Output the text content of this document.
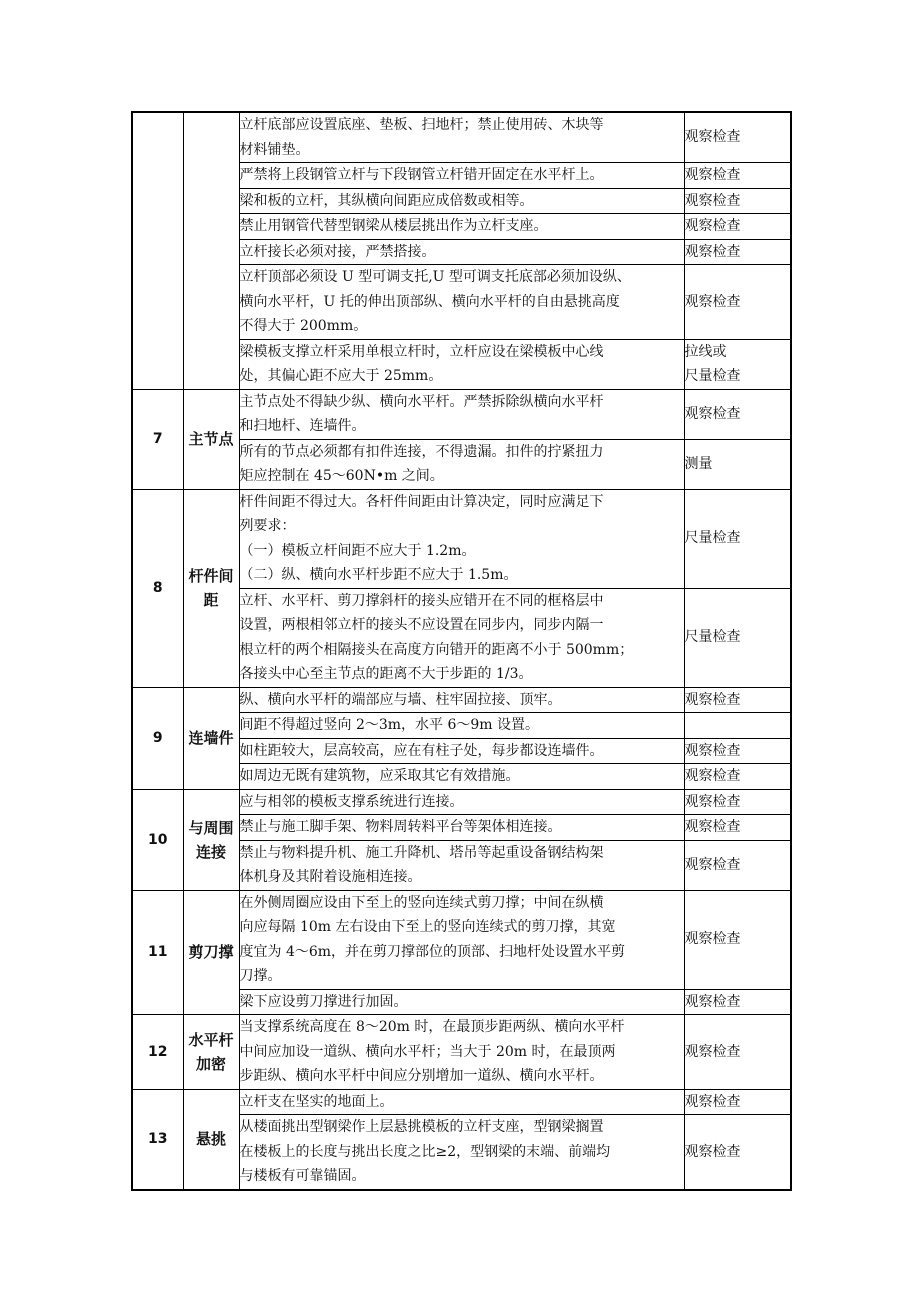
		立杆底部应设置底座、垫板、扫地杆；禁止使用砖、木块等
材料铺垫。	观察检查

		严禁将上段钢管立杆与下段钢管立杆错开固定在水平杆上。	观察检查

		梁和板的立杆，其纵横向间距应成倍数或相等。	观察检查

		禁止用钢管代替型钢梁从楼层挑出作为立杆支座。	观察检查

		立杆接长必须对接，严禁搭接。	观察检查

		立杆顶部必须设 U 型可调支托,U 型可调支托底部必须加设纵、
横向水平杆，U 托的伸出顶部纵、横向水平杆的自由悬挑高度
不得大于 200mm。	观察检查

		梁模板支撑立杆采用单根立杆时，立杆应设在梁模板中心线
处，其偏心距不应大于 25mm。	拉线或
尺量检查
7	主节点	主节点处不得缺少纵、横向水平杆。严禁拆除纵横向水平杆
和扫地杆、连墙件。	观察检查

		所有的节点必须都有扣件连接，不得遗漏。扣件的拧紧扭力
矩应控制在 45～60N•m 之间。	测量
8	杆件间距	杆件间距不得过大。各杆件间距由计算决定，同时应满足下
列要求：
（一）模板立杆间距不应大于 1.2m。
（二）纵、横向水平杆步距不应大于 1.5m。	尺量检查

		立杆、水平杆、剪刀撑斜杆的接头应错开在不同的框格层中
设置，两根相邻立杆的接头不应设置在同步内，同步内隔一
根立杆的两个相隔接头在高度方向错开的距离不小于 500mm；
各接头中心至主节点的距离不大于步距的 1/3。	尺量检查
9	连墙件	纵、横向水平杆的端部应与墙、柱牢固拉接、顶牢。	观察检查

		间距不得超过竖向 2～3m，水平 6～9m 设置。	

		如柱距较大，层高较高，应在有柱子处，每步都设连墙件。	观察检查

		如周边无既有建筑物，应采取其它有效措施。	观察检查
10	与周围连接	应与相邻的模板支撑系统进行连接。	观察检查

		禁止与施工脚手架、物料周转料平台等架体相连接。	观察检查

		禁止与物料提升机、施工升降机、塔吊等起重设备钢结构架
体机身及其附着设施相连接。	观察检查
11	剪刀撑	在外侧周圈应设由下至上的竖向连续式剪刀撑；中间在纵横
向应每隔 10m 左右设由下至上的竖向连续式的剪刀撑，其宽
度宜为 4～6m，并在剪刀撑部位的顶部、扫地杆处设置水平剪
刀撑。	观察检查

		梁下应设剪刀撑进行加固。	观察检查
12	水平杆加密	当支撑系统高度在 8～20m 时，在最顶步距两纵、横向水平杆
中间应加设一道纵、横向水平杆；当大于 20m 时，在最顶两
步距纵、横向水平杆中间应分别增加一道纵、横向水平杆。	观察检查
13	悬挑	立杆支在坚实的地面上。	观察检查

		从楼面挑出型钢梁作上层悬挑模板的立杆支座，型钢梁搁置
在楼板上的长度与挑出长度之比≥2，型钢梁的末端、前端均
与楼板有可靠锚固。	观察检查
